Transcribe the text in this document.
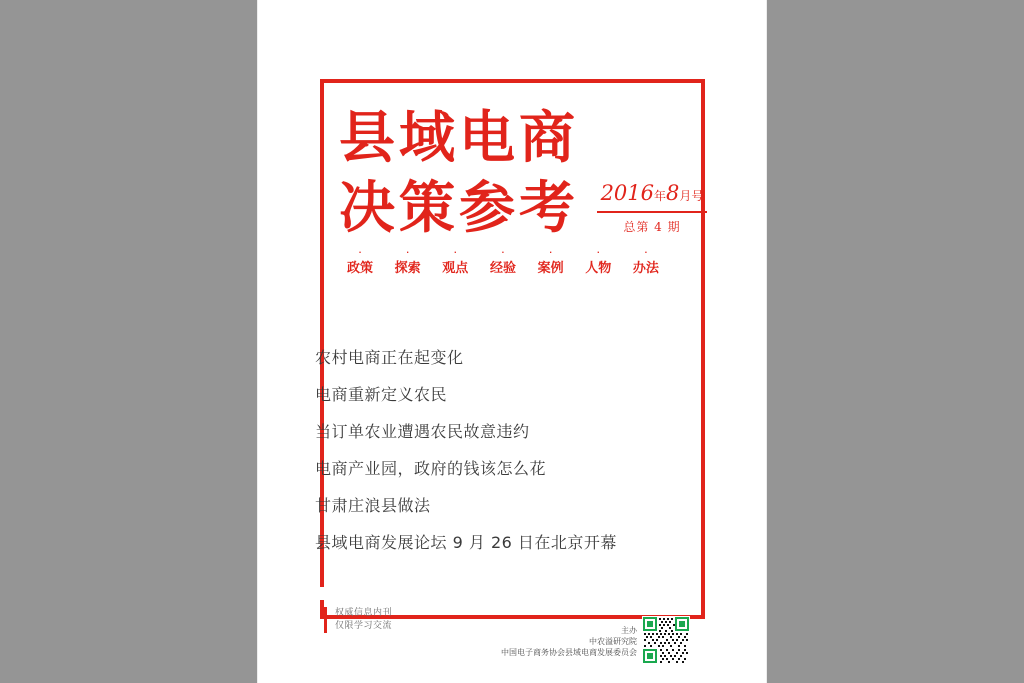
县域电商
决策参考	2016年8月号
总第 4 期
·
政策
·
探索
·
观点
·
经验
·
案例
·
人物
·
办法
农村电商正在起变化
电商重新定义农民
当订单农业遭遇农民故意违约
电商产业园，政府的钱该怎么花
甘肃庄浪县做法
县域电商发展论坛 9 月 26 日在北京开幕
权威信息内刊
仅限学习交流	主办
中农溢研究院
中国电子商务协会县域电商发展委员会
